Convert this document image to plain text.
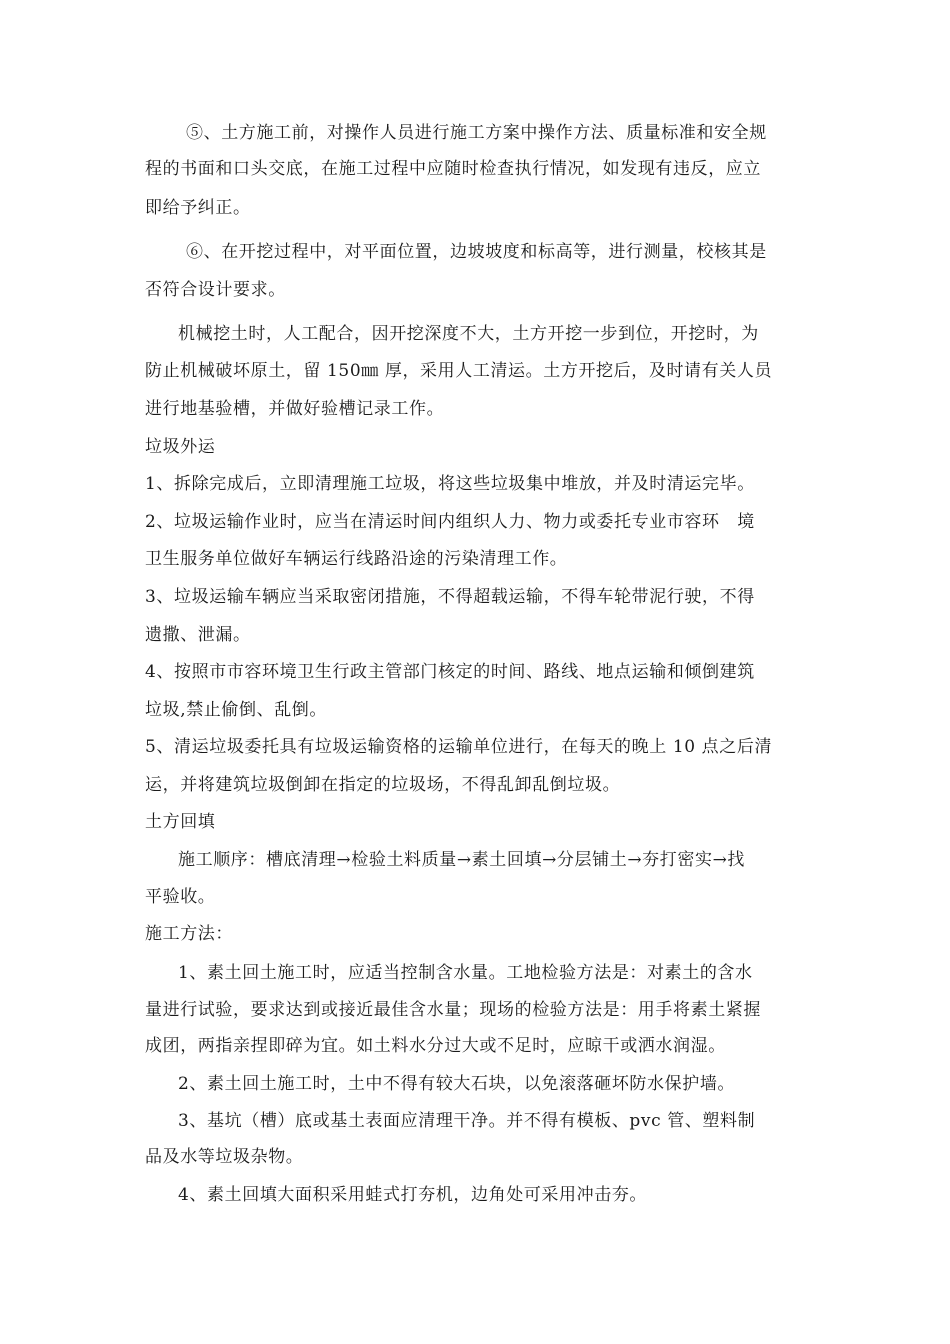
⑤、土方施工前，对操作人员进行施工方案中操作方法、质量标准和安全规
程的书面和口头交底，在施工过程中应随时检查执行情况，如发现有违反，应立
即给予纠正。
⑥、在开挖过程中，对平面位置，边坡坡度和标高等，进行测量，校核其是
否符合设计要求。
机械挖土时，人工配合，因开挖深度不大，土方开挖一步到位，开挖时，为
防止机械破坏原土，留 150㎜ 厚，采用人工清运。土方开挖后，及时请有关人员
进行地基验槽，并做好验槽记录工作。
垃圾外运
1、拆除完成后，立即清理施工垃圾，将这些垃圾集中堆放，并及时清运完毕。
2、垃圾运输作业时，应当在清运时间内组织人力、物力或委托专业市容环　境
卫生服务单位做好车辆运行线路沿途的污染清理工作。
3、垃圾运输车辆应当采取密闭措施，不得超载运输，不得车轮带泥行驶，不得
遗撒、泄漏。
4、按照市市容环境卫生行政主管部门核定的时间、路线、地点运输和倾倒建筑
垃圾,禁止偷倒、乱倒。
5、清运垃圾委托具有垃圾运输资格的运输单位进行，在每天的晚上 10 点之后清
运，并将建筑垃圾倒卸在指定的垃圾场，不得乱卸乱倒垃圾。
土方回填
施工顺序：槽底清理→检验土料质量→素土回填→分层铺土→夯打密实→找
平验收。
施工方法：
1、素土回土施工时，应适当控制含水量。工地检验方法是：对素土的含水
量进行试验，要求达到或接近最佳含水量；现场的检验方法是：用手将素土紧握
成团，两指亲捏即碎为宜。如土料水分过大或不足时，应晾干或洒水润湿。
2、素土回土施工时，土中不得有较大石块，以免滚落砸坏防水保护墙。
3、基坑（槽）底或基土表面应清理干净。并不得有模板、pvc 管、塑料制
品及水等垃圾杂物。
4、素土回填大面积采用蛙式打夯机，边角处可采用冲击夯。
